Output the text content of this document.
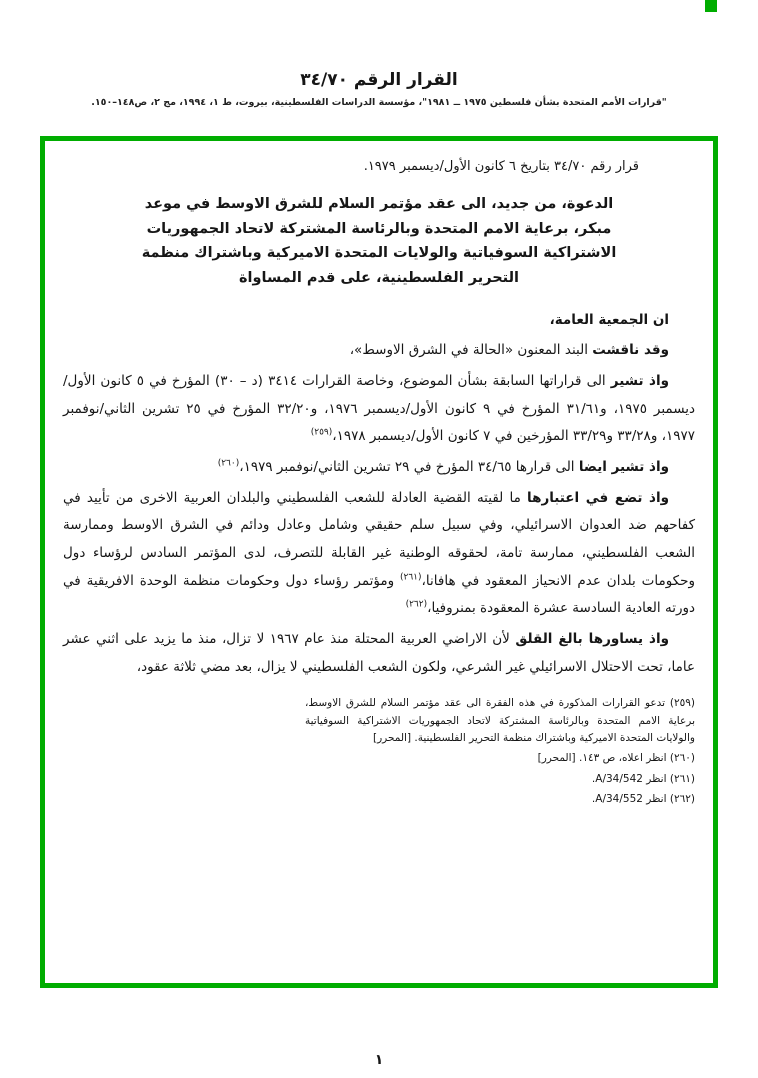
القرار الرقم ٣٤/٧٠
"قرارات الأمم المتحدة بشأن فلسطين ١٩٧٥ ــ ١٩٨١"، مؤسسة الدراسات الفلسطينية، بيروت، ط ١، ١٩٩٤، مج ٢، ص١٤٨–١٥٠.

قرار رقم ٣٤/٧٠ بتاريخ ٦ كانون الأول/ديسمبر ١٩٧٩.

الدعوة، من جديد، الى عقد مؤتمر السلام للشرق الاوسط في موعد مبكر، برعاية الامم المتحدة وبالرئاسة المشتركة لاتحاد الجمهوريات الاشتراكية السوفياتية والولايات المتحدة الاميركية وباشتراك منظمة التحرير الفلسطينية، على قدم المساواة

ان الجمعية العامة،

وقد ناقشت البند المعنون «الحالة في الشرق الاوسط»،

واذ تشير الى قراراتها السابقة بشأن الموضوع، وخاصة القرارات ٣٤١٤ (د – ٣٠) المؤرخ في ٥ كانون الأول/ديسمبر ١٩٧٥، و٣١/٦١ المؤرخ في ٩ كانون الأول/ديسمبر ١٩٧٦، و٣٢/٢٠ المؤرخ في ٢٥ تشرين الثاني/نوفمبر ١٩٧٧، و٣٣/٢٨ و٣٣/٢٩ المؤرخين في ٧ كانون الأول/ديسمبر ١٩٧٨،$^{(٢٥٩)}$

واذ تشير ايضا الى قرارها ٣٤/٦٥ المؤرخ في ٢٩ تشرين الثاني/نوفمبر ١٩٧٩،$^{(٢٦٠)}$

واذ تضع في اعتبارها ما لقيته القضية العادلة للشعب الفلسطيني والبلدان العربية الاخرى من تأييد في كفاحهم ضد العدوان الاسرائيلي، وفي سبيل سلم حقيقي وشامل وعادل ودائم في الشرق الاوسط وممارسة الشعب الفلسطيني، ممارسة تامة، لحقوقه الوطنية غير القابلة للتصرف، لدى المؤتمر السادس لرؤساء دول وحكومات بلدان عدم الانحياز المعقود في هافانا،$^{(٢٦١)}$ ومؤتمر رؤساء دول وحكومات منظمة الوحدة الافريقية في دورته العادية السادسة عشرة المعقودة بمنروفيا،$^{(٢٦٢)}$

واذ يساورها بالغ القلق لأن الاراضي العربية المحتلة منذ عام ١٩٦٧ لا تزال، منذ ما يزيد على اثني عشر عاما، تحت الاحتلال الاسرائيلي غير الشرعي، ولكون الشعب الفلسطيني لا يزال، بعد مضي ثلاثة عقود،

(٢٥٩) تدعو القرارات المذكورة في هذه الفقرة الى عقد مؤتمر السلام للشرق الاوسط، برعاية الامم المتحدة وبالرئاسة المشتركة لاتحاد الجمهوريات الاشتراكية السوفياتية والولايات المتحدة الاميركية وباشتراك منظمة التحرير الفلسطينية. [المحرر]

(٢٦٠) انظر اعلاه، ص ١٤٣. [المحرر]

(٢٦١) انظر A/34/542.

(٢٦٢) انظر A/34/552.

١
